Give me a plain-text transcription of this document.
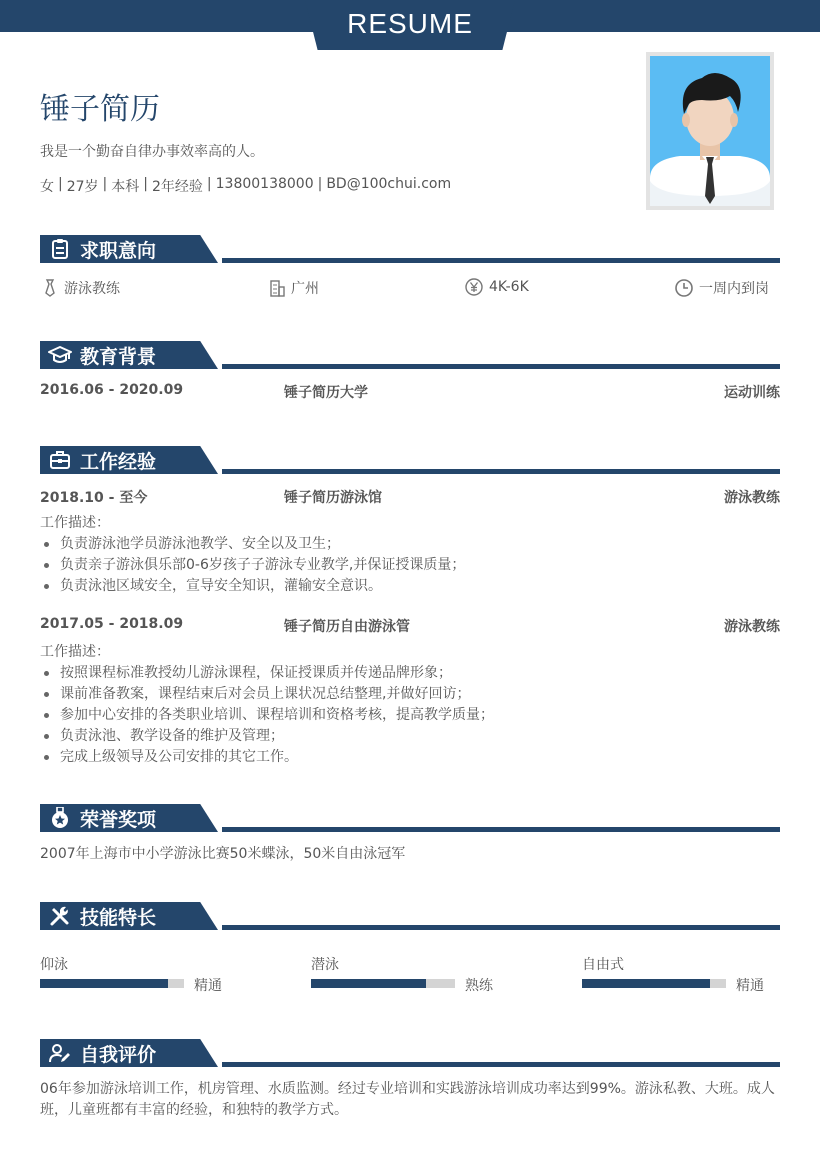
RESUME
锤子简历
我是一个勤奋自律办事效率高的人。
女 | 27岁 | 本科 | 2年经验 | 13800138000 | BD@100chui.com
求职意向
游泳教练	广州	4K-6K	一周内到岗
教育背景
2016.06 - 2020.09	锤子简历大学	运动训练
工作经验
2018.10 - 至今	锤子简历游泳馆	游泳教练
工作描述：
负责游泳池学员游泳池教学、安全以及卫生；
负责亲子游泳俱乐部0-6岁孩子子游泳专业教学,并保证授课质量；
负责泳池区域安全，宣导安全知识，灌输安全意识。
2017.05 - 2018.09	锤子简历自由游泳管	游泳教练
工作描述：
按照课程标准教授幼儿游泳课程，保证授课质并传递品牌形象；
课前准备教案，课程结束后对会员上课状况总结整理,并做好回访；
参加中心安排的各类职业培训、课程培训和资格考核，提高教学质量；
负责泳池、教学设备的维护及管理；
完成上级领导及公司安排的其它工作。
荣誉奖项
2007年上海市中小学游泳比赛50米蝶泳，50米自由泳冠军
技能特长
仰泳
精通
潜泳
熟练
自由式
精通
自我评价
06年参加游泳培训工作，机房管理、水质监测。经过专业培训和实践游泳培训成功率达到99%。游泳私教、大班。成人
班，儿童班都有丰富的经验，和独特的教学方式。
